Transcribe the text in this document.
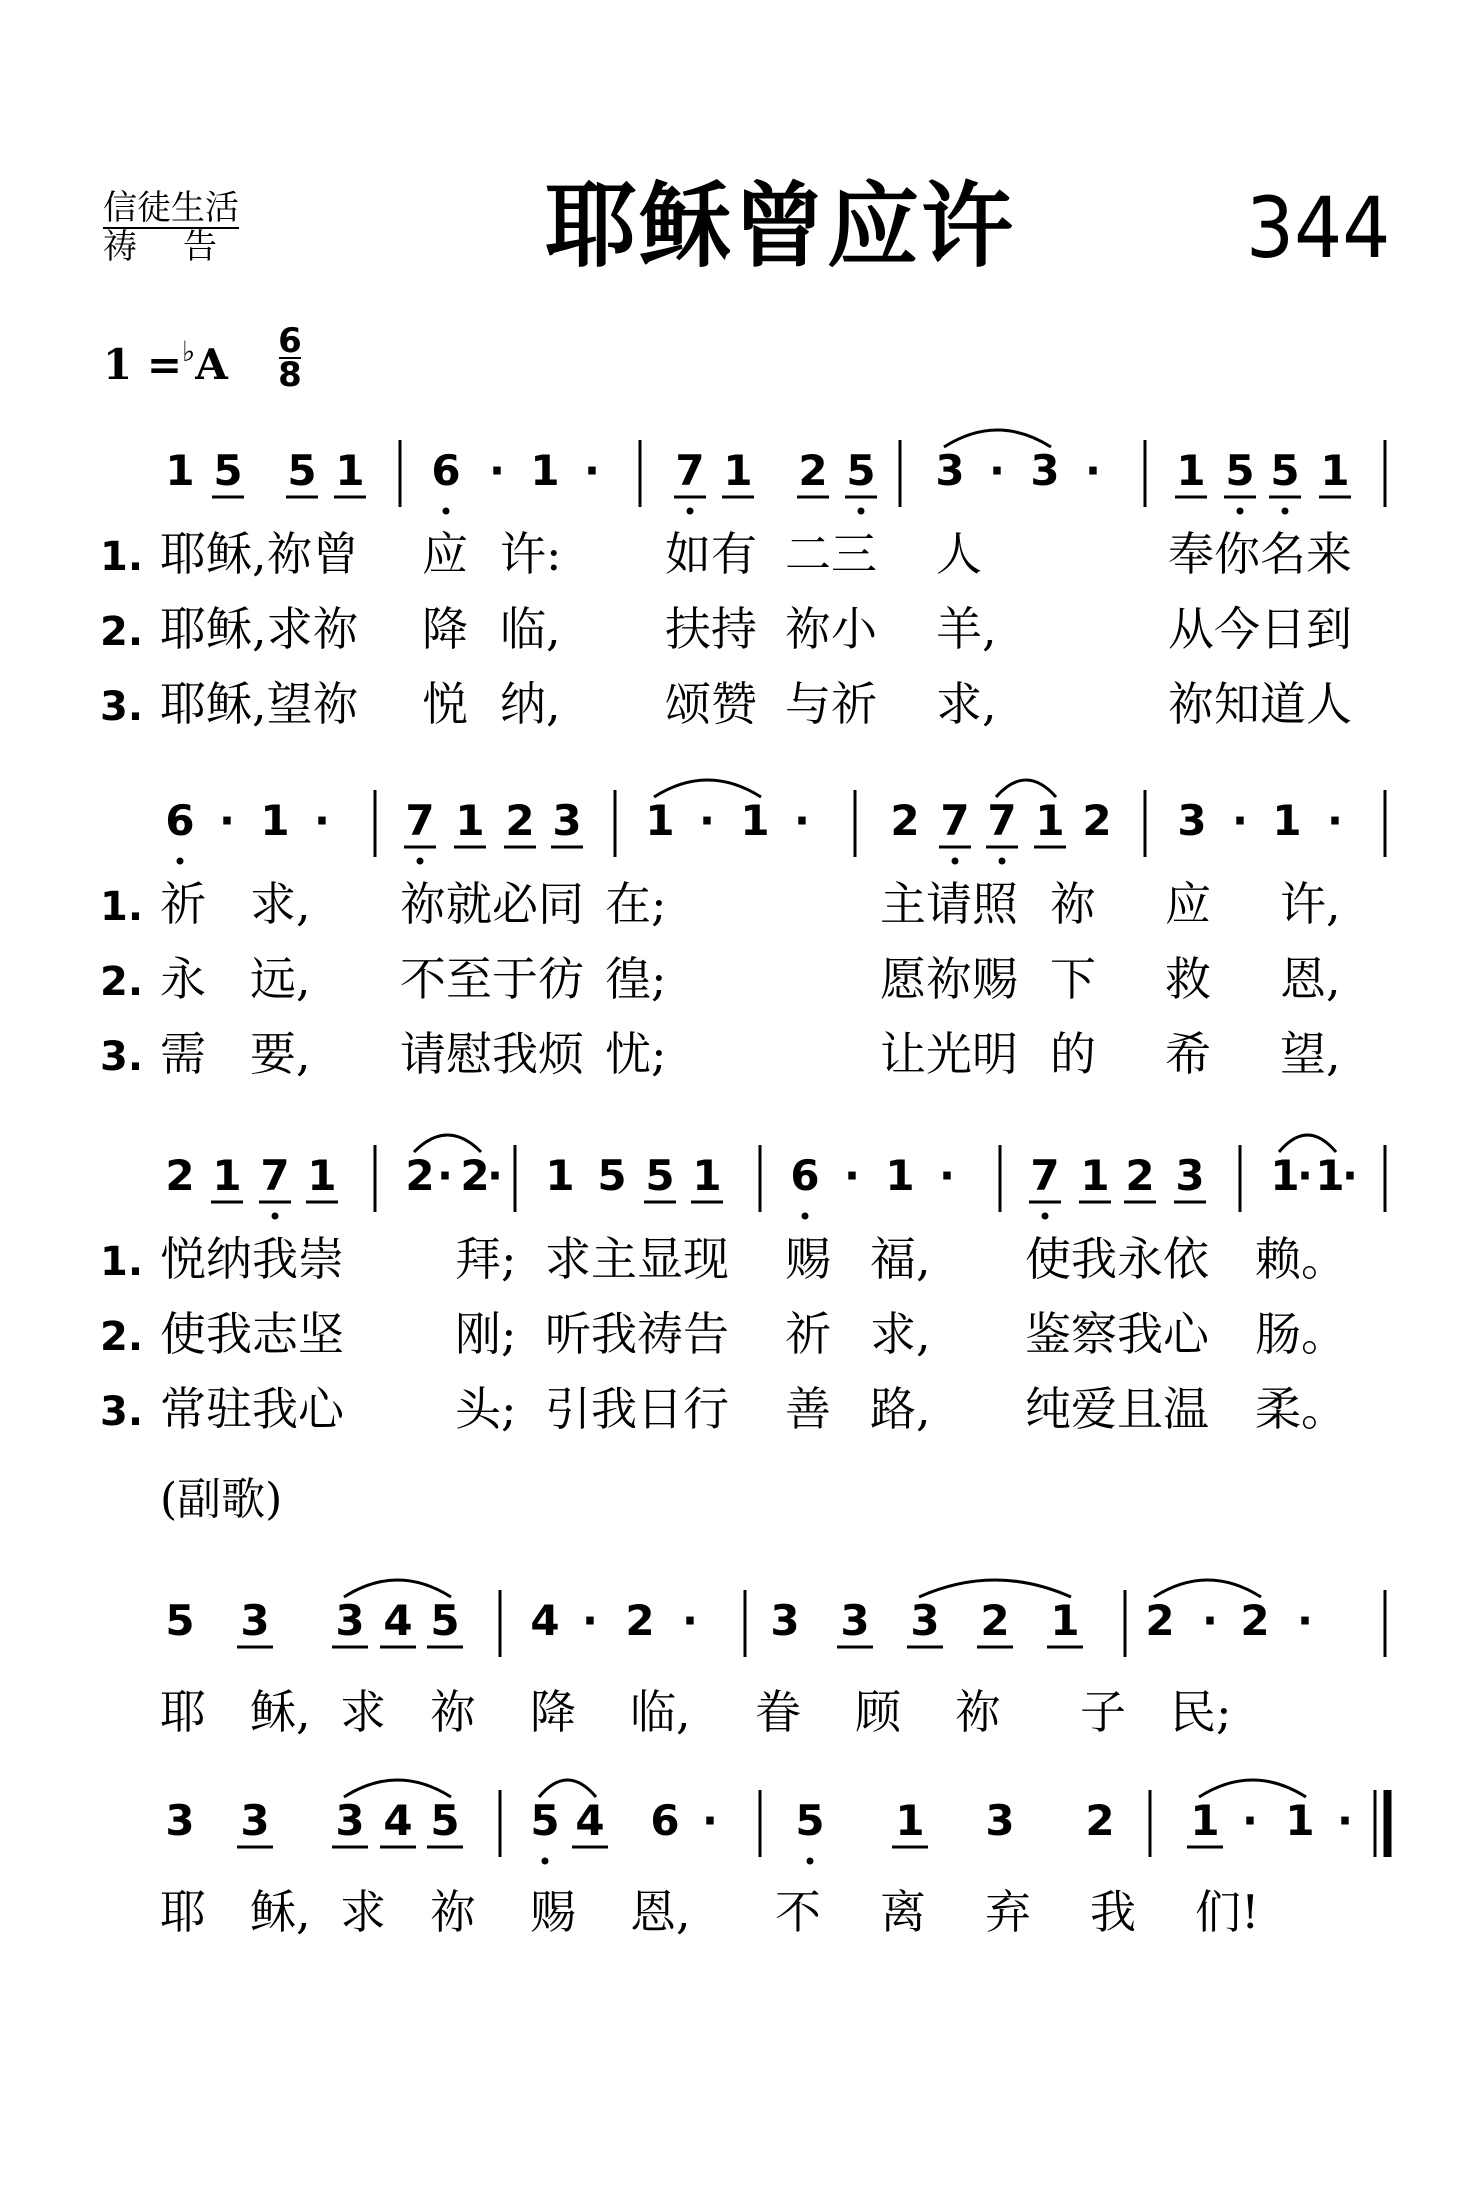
信徒生活
祷告	耶稣曾应许	344
1 =♭A 6
8
(副歌)
1 5 5 1 6 · 1 · 7 1 2 5 3 · 3 · 1 5 5 1
1. 耶稣,祢曾 应 许: 如有 二三 人	奉你名来
2. 耶稣,求祢 降 临, 扶持 祢小 羊,	从今日到
3. 耶稣,望祢 悦 纳, 颂赞 与祈 求,	祢知道人
6 · 1 · 7 1 2 3 1 · 1 · 2 7 7 1 2 3 · 1 ·
1. 祈 求, 祢就必同 在;	主请照 祢 应 许,
2. 永 远, 不至于彷 徨;	愿祢赐 下 救 恩,
3. 需 要, 请慰我烦 忧;	让光明 的 希 望,
2 1 7 1 2 · 2
· 1 5 5 1 6 · 1 · 7 1 2 3 1
· 1
·
1. 悦纳我崇 拜; 求主显现 赐 福, 使我永依 赖。
2. 使我志坚 刚; 听我祷告 祈 求, 鉴察我心 肠。
3. 常驻我心 头; 引我日行 善 路, 纯爱且温 柔。
5 3 3 4 5 4 · 2 · 3 3 3 2 1 2 · 2 ·
耶 稣, 求 祢 降 临, 眷 顾 祢 子 民;
3 3 3 4 5 5 4 6 · 5 1 3 2 1 · 1 ·
耶 稣, 求 祢 赐 恩, 不 离 弃 我 们!
